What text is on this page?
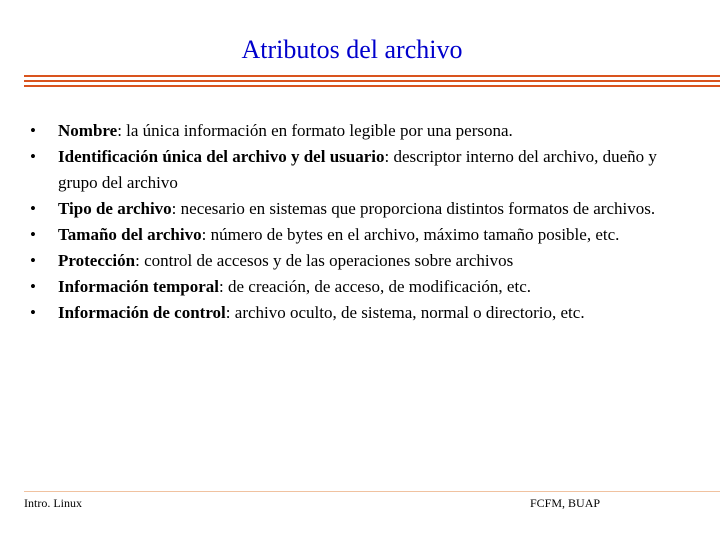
Atributos del archivo
• Nombre: la única información en formato legible por una persona.
• Identificación única del archivo y del usuario: descriptor interno del archivo, dueño y grupo del archivo
• Tipo de archivo: necesario en sistemas que proporciona distintos formatos de archivos.
• Tamaño del archivo: número de bytes en el archivo, máximo tamaño posible, etc.
• Protección: control de accesos y de las operaciones sobre archivos
• Información temporal: de creación, de acceso, de modificación, etc.
• Información de control: archivo oculto, de sistema, normal o directorio, etc.
Intro. Linux	FCFM, BUAP
